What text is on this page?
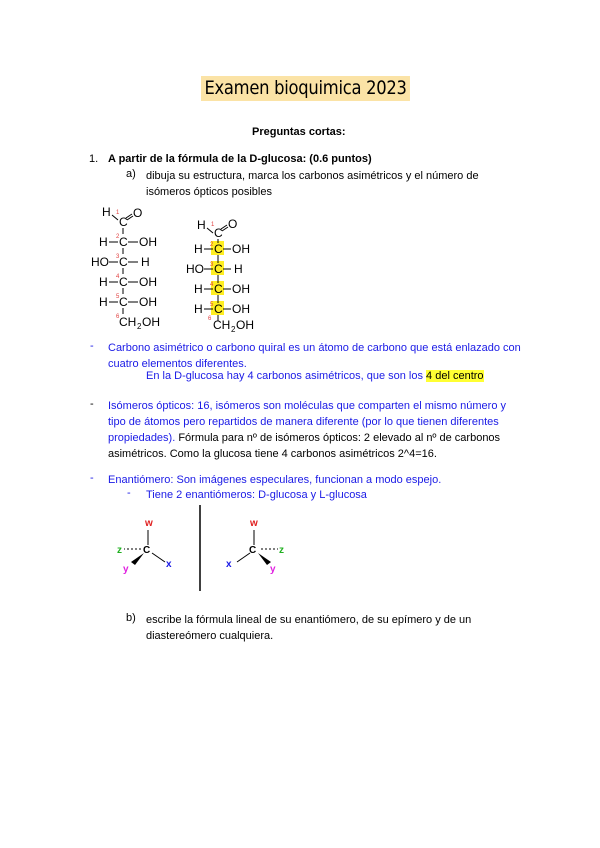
Examen bioquimica 2023
Preguntas cortas:
1. A partir de la fórmula de la D-glucosa: (0.6 puntos)
a) dibuja su estructura, marca los carbonos asimétricos y el número de isómeros ópticos posibles
H
C
1 O
H C
2 OH
HO C
3 H
H C
4 OH
H C
5 OH
6 CH 2 OH
H
C
1 O
H C
2 OH
HO C
3 H
H C
4 OH
H C
5 OH
6 CH 2 OH
- Carbono asimétrico o carbono quiral es un átomo de carbono que está enlazado con cuatro elementos diferentes.
En la D-glucosa hay 4 carbonos asimétricos, que son los 4 del centro
- Isómeros ópticos: 16, isómeros son moléculas que comparten el mismo número y tipo de átomos pero repartidos de manera diferente (por lo que tienen diferentes propiedades). Fórmula para nº de isómeros ópticos: 2 elevado al nº de carbonos asimétricos. Como la glucosa tiene 4 carbonos asimétricos 2^4=16.
- Enantiómero: Son imágenes especulares, funcionan a modo espejo.
- Tiene 2 enantiómeros: D-glucosa y L-glucosa
C
w
z
x
y
C
w
z
x	y
b) escribe la fórmula lineal de su enantiómero, de su epímero y de un diastereómero cualquiera.
